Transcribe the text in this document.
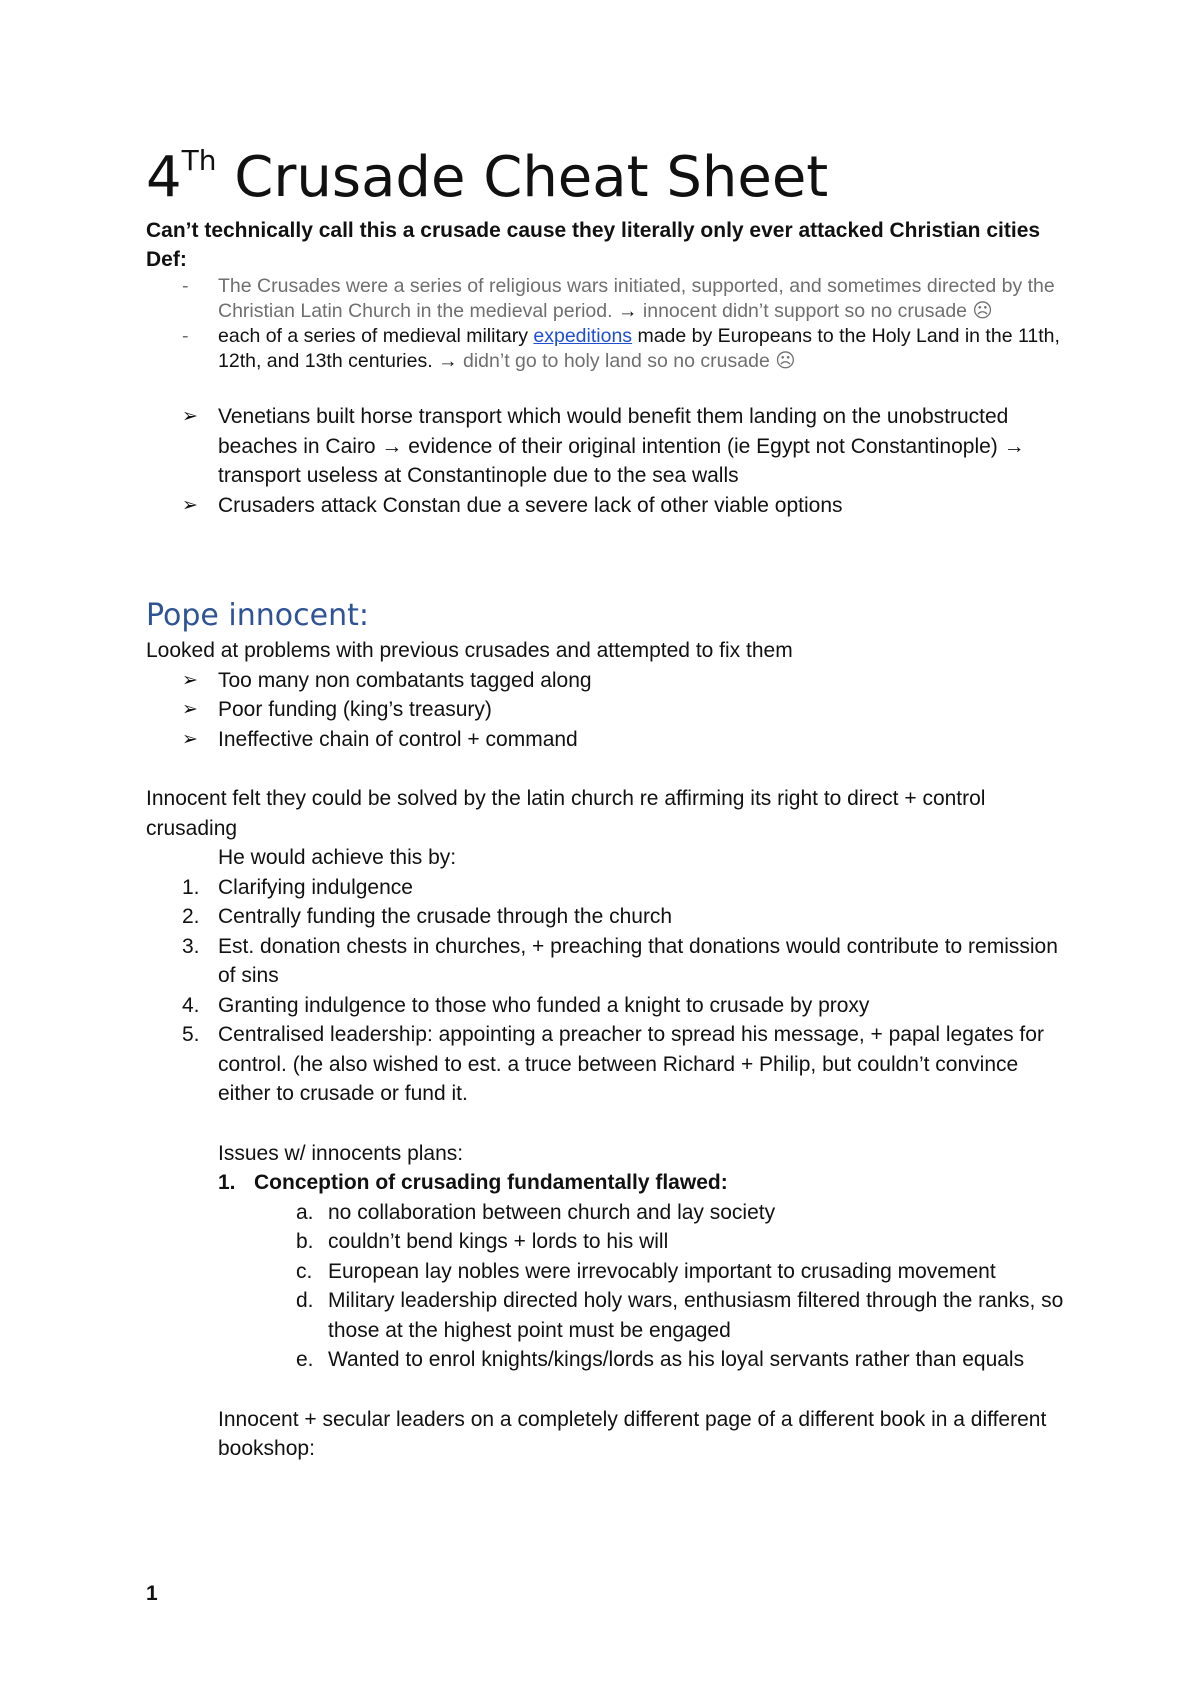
4Th Crusade Cheat Sheet

Can’t technically call this a crusade cause they literally only ever attacked Christian cities

Def:

- The Crusades were a series of religious wars initiated, supported, and sometimes directed by the Christian Latin Church in the medieval period. → innocent didn’t support so no crusade ☹
- each of a series of medieval military expeditions made by Europeans to the Holy Land in the 11th, 12th, and 13th centuries. → didn’t go to holy land so no crusade ☹
➢ Venetians built horse transport which would benefit them landing on the unobstructed beaches in Cairo → evidence of their original intention (ie Egypt not Constantinople) → transport useless at Constantinople due to the sea walls
➢ Crusaders attack Constan due a severe lack of other viable options
Pope innocent:

Looked at problems with previous crusades and attempted to fix them

➢ Too many non combatants tagged along
➢ Poor funding (king’s treasury)
➢ Ineffective chain of control + command

Innocent felt they could be solved by the latin church re affirming its right to direct + control crusading

He would achieve this by:

1. Clarifying indulgence
2. Centrally funding the crusade through the church
3. Est. donation chests in churches, + preaching that donations would contribute to remission of sins
4. Granting indulgence to those who funded a knight to crusade by proxy
5. Centralised leadership: appointing a preacher to spread his message, + papal legates for control. (he also wished to est. a truce between Richard + Philip, but couldn’t convince either to crusade or fund it.

Issues w/ innocents plans:

1. Conception of crusading fundamentally flawed:
a. no collaboration between church and lay society
b. couldn’t bend kings + lords to his will
c. European lay nobles were irrevocably important to crusading movement
d. Military leadership directed holy wars, enthusiasm filtered through the ranks, so those at the highest point must be engaged
e. Wanted to enrol knights/kings/lords as his loyal servants rather than equals

Innocent + secular leaders on a completely different page of a different book in a different bookshop:

1
